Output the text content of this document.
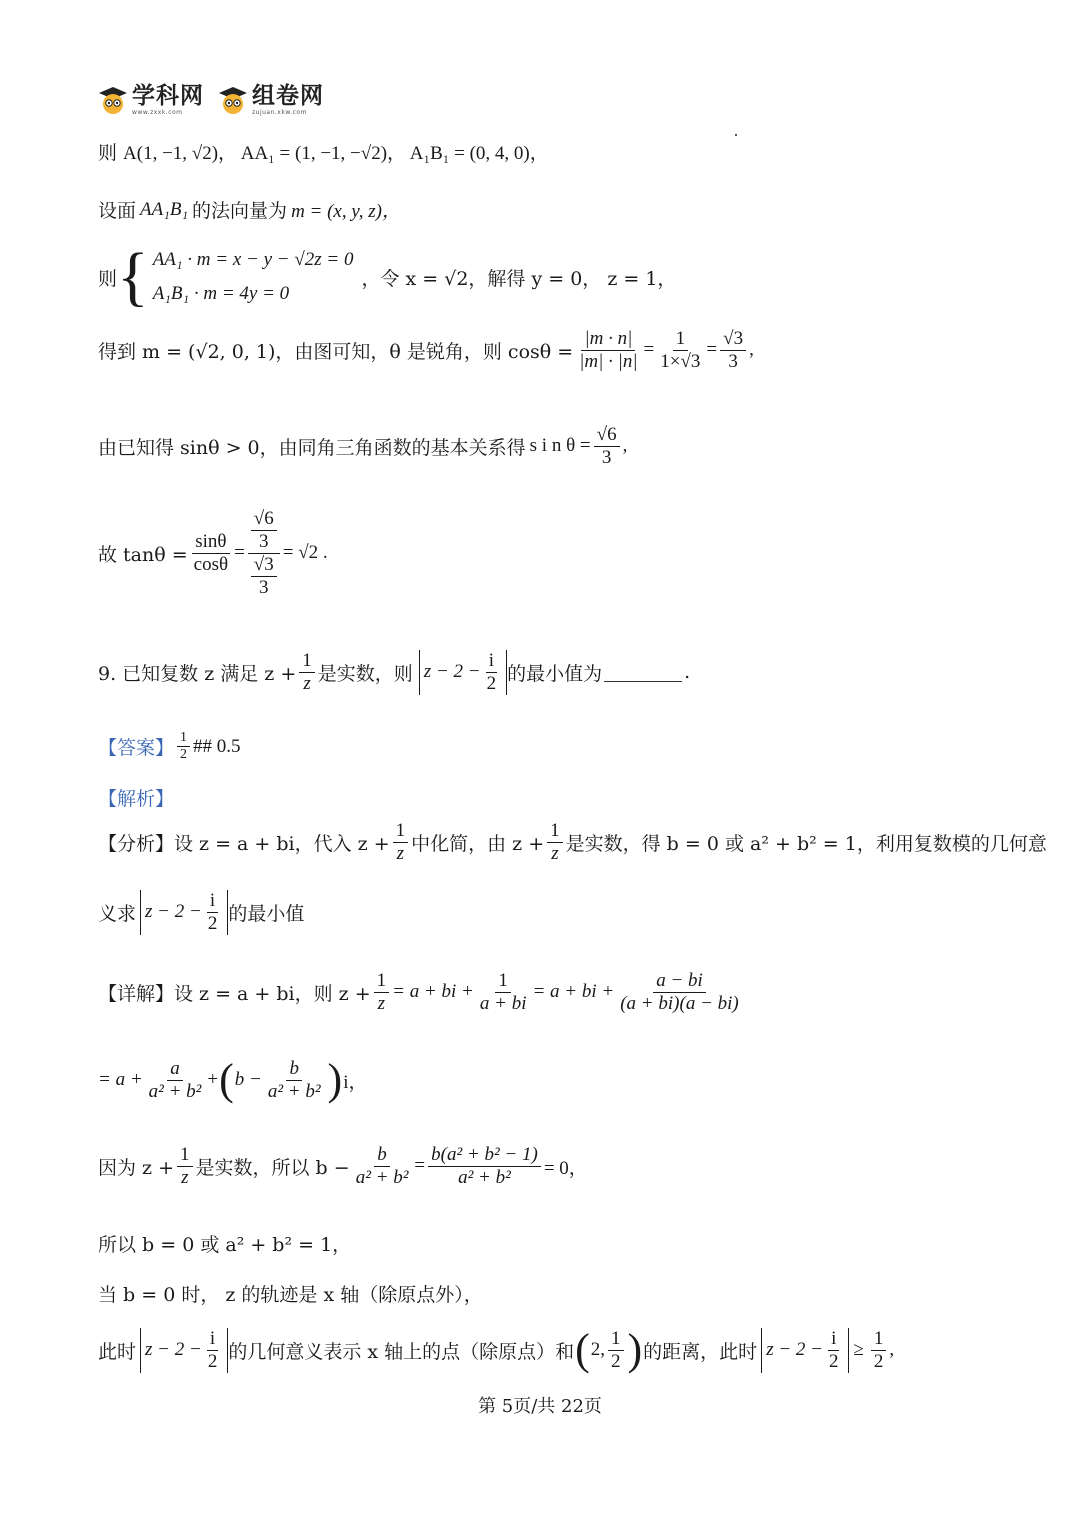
学科网
www.zxxk.com
组卷网
zujuan.xkw.com
则 A(1, −1, √2)， AA₁ = (1, −1, −√2)， A₁B₁ = (0, 4, 0)，
设面 AA₁B₁ 的法向量为 m = (x, y, z)，
则 { AA₁ · m = x − y − √2z = 0
A₁B₁ · m = 4y = 0
，令 x = √2，解得 y = 0， z = 1，
得到 m = (√2, 0, 1)，由图可知，θ 是锐角，则 $\cos\theta = \frac{|m \cdot n|}{|m| \cdot |n|} = \frac{1}{1\times√3} = \frac{√3}{3}$ ,
由已知得 sinθ > 0，由同角三角函数的基本关系得 s i n $\theta = \frac{√6}{3}$ ,
故 $\tan\theta = \frac{\sin\theta}{\cos\theta} = \frac{\frac{√6}{3}}{\frac{√3}{3}} = √2$ .
9. 已知复数 z 满足 $z + \frac{1}{z}$ 是实数，则 $z - 2 - \frac{i}{2}$ 的最小值为	.
【答案】 $\frac{1}{2}$ ## 0.5
【解析】
【分析】设 z = a + bi，代入 $z + \frac{1}{z}$ 中化简，由 $z + \frac{1}{z}$ 是实数，得 b = 0 或 a² + b² = 1，利用复数模的几何意
义求 $z - 2 - \frac{i}{2}$ 的最小值
【详解】设 z = a + bi，则 $z + \frac{1}{z} = a$ + bi + $\frac{1}{a + bi} = a$ + bi + $\frac{a - bi}{(a + bi)(a - bi)}$
= $a + \frac{a}{\text{a² + b²}}$ + ( $b - \frac{b}{\text{a² + b²}}$ ) i，
因为 $z + \frac{1}{z}$ 是实数，所以 $b - \frac{b}{\text{a² + b²}} = \frac{\text{b(a² + b² − 1)}}{\text{a² + b²}} = 0$，
所以 b = 0 或 a² + b² = 1，
当 b = 0 时， z 的轨迹是 x 轴（除原点外），
此时 $z - 2 - \frac{i}{2}$ 的几何意义表示 x 轴上的点（除原点）和 ( 2, $\frac{1}{2}$ ) 的距离，此时 $z - 2 - \frac{i}{2} \ge \frac{1}{2}$ ,
第 5页/共 22页
